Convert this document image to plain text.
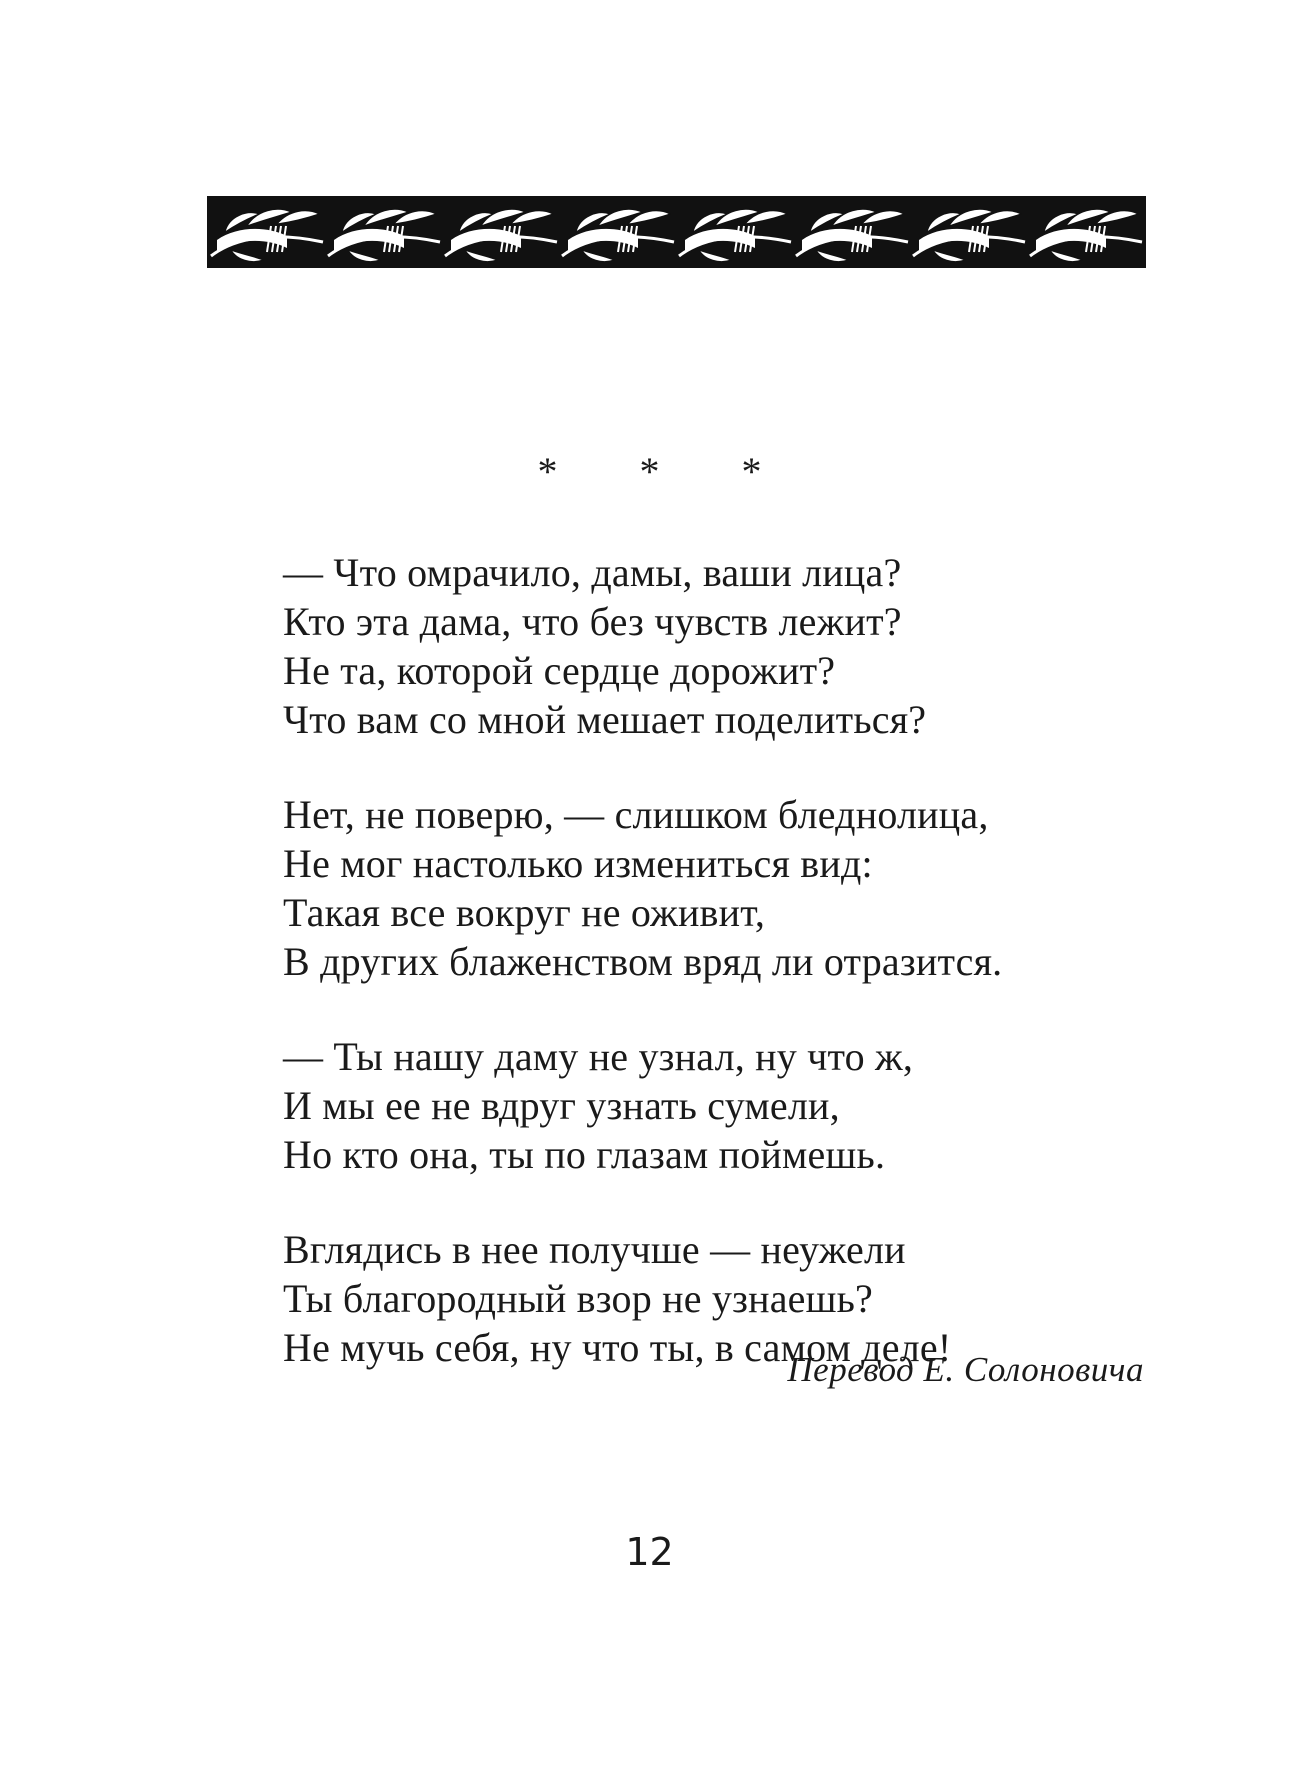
* * *
— Что омрачило, дамы, ваши лица?
Кто эта дама, что без чувств лежит?
Не та, которой сердце дорожит?
Что вам со мной мешает поделиться?
Нет, не поверю, — слишком бледнолица,
Не мог настолько измениться вид:
Такая все вокруг не оживит,
В других блаженством вряд ли отразится.
— Ты нашу даму не узнал, ну что ж,
И мы ее не вдруг узнать сумели,
Но кто она, ты по глазам поймешь.
Вглядись в нее получше — неужели
Ты благородный взор не узнаешь?
Не мучь себя, ну что ты, в самом деле!
Перевод Е. Солоновича
12
